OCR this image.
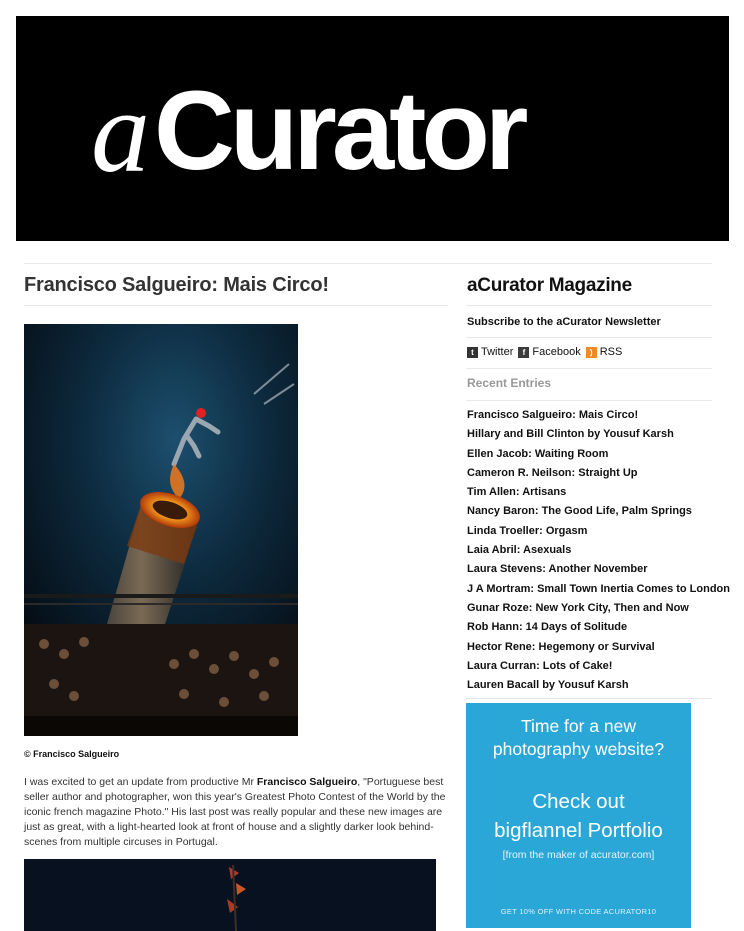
a Curator
Francisco Salgueiro: Mais Circo!
© Francisco Salgueiro

I was excited to get an update from productive Mr Francisco Salgueiro, "Portuguese best seller author and photographer, won this year's Greatest Photo Contest of the World by the iconic french magazine Photo." His last post was really popular and these new images are just as great, with a light-hearted look at front of house and a slightly darker look behind-scenes from multiple circuses in Portugal.

aCurator Magazine
Subscribe to the aCurator Newsletter
t Twitter	f Facebook	) RSS
Recent Entries
Francisco Salgueiro: Mais Circo!
Hillary and Bill Clinton by Yousuf Karsh
Ellen Jacob: Waiting Room
Cameron R. Neilson: Straight Up
Tim Allen: Artisans
Nancy Baron: The Good Life, Palm Springs
Linda Troeller: Orgasm
Laia Abril: Asexuals
Laura Stevens: Another November
J A Mortram: Small Town Inertia Comes to London
Gunar Roze: New York City, Then and Now
Rob Hann: 14 Days of Solitude
Hector Rene: Hegemony or Survival
Laura Curran: Lots of Cake!
Lauren Bacall by Yousuf Karsh
Time for a new
photography website?
Check out
bigflannel Portfolio
[from the maker of acurator.com]
GET 10% OFF WITH CODE ACURATOR10
